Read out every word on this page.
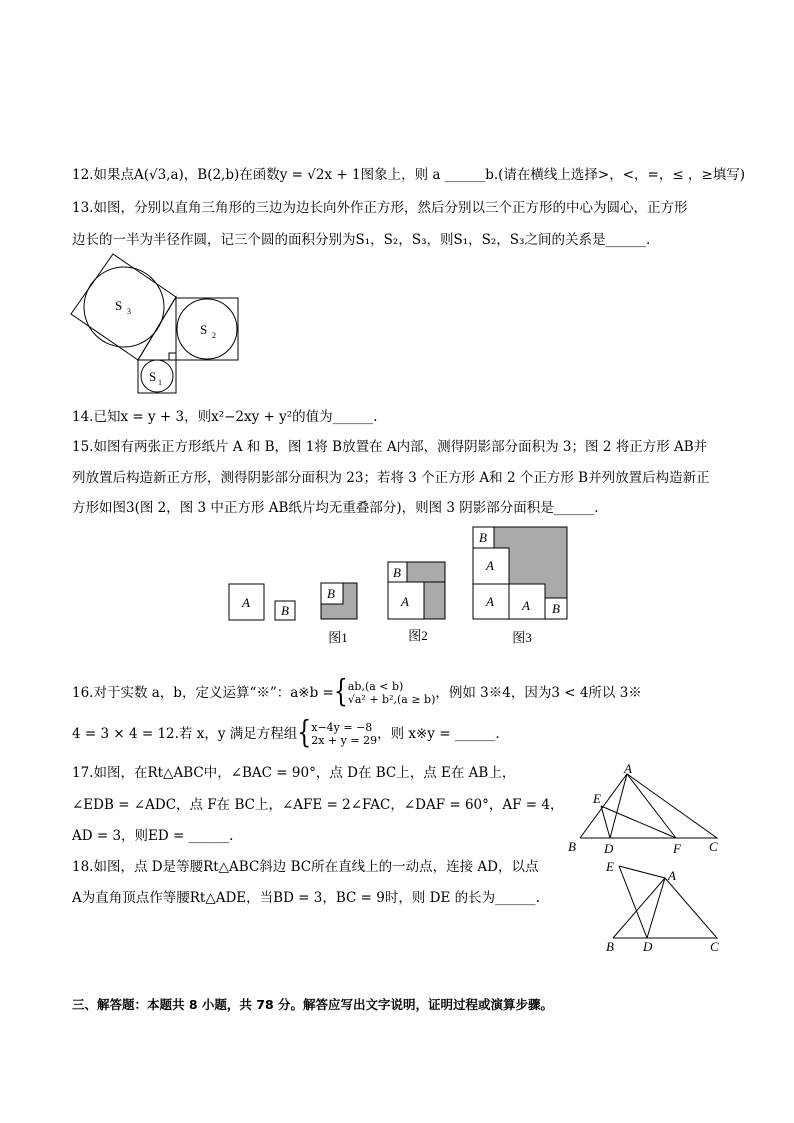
12.如果点A(√3,a)，B(2,b)在函数y = √2x + 1图象上，则 a ______b.(请在横线上选择>，<，=，≤ ，≥填写)
13.如图，分别以直角三角形的三边为边长向外作正方形，然后分别以三个正方形的中心为圆心，正方形
边长的一半为半径作圆，记三个圆的面积分别为S₁，S₂，S₃，则S₁，S₂，S₃之间的关系是______.
S 3
S 2
S 1
14.已知x = y + 3，则x²−2xy + y²的值为______.
15.如图有两张正方形纸片 A 和 B，图 1将 B放置在 A内部，测得阴影部分面积为 3；图 2 将正方形 AB并
列放置后构造新正方形，测得阴影部分面积为 23；若将 3 个正方形 A和 2 个正方形 B并列放置后构造新正
方形如图3(图 2，图 3 中正方形 AB纸片均无重叠部分)，则图 3 阴影部分面积是______.
A
B
B
B
A
B
A
A A B
图1	图2	图3
16.对于实数 a，b，定义运算“※”：a※b ={ ab,(a < b)
√a² + b²,(a ≥ b) ，例如 3※4，因为3 < 4所以 3※
4 = 3 × 4 = 12.若 x，y 满足方程组{ x−4y = −8
2x + y = 29 ，则 x※y = ______.
17.如图，在Rt△ABC中，∠BAC = 90°，点 D在 BC上，点 E在 AB上，
∠EDB = ∠ADC，点 F在 BC上，∠AFE = 2∠FAC，∠DAF = 60°，AF = 4，
AD = 3，则ED = ______.
A
B	C
D
E
F
18.如图，点 D是等腰Rt△ABC斜边 BC所在直线上的一动点，连接 AD，以点
A为直角顶点作等腰Rt△ADE，当BD = 3，BC = 9时，则 DE 的长为______.
A
B	C
D
E
三、解答题：本题共 8 小题，共 78 分。解答应写出文字说明，证明过程或演算步骤。
